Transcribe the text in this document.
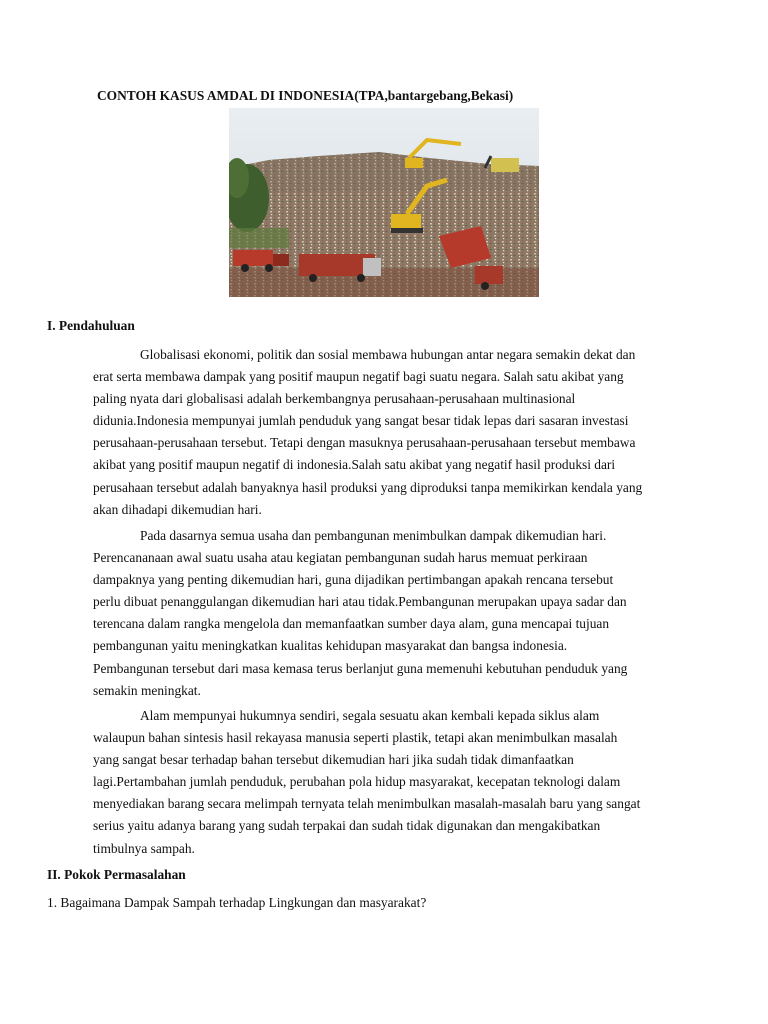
CONTOH KASUS AMDAL DI INDONESIA(TPA,bantargebang,Bekasi)
I. Pendahuluan
Globalisasi ekonomi, politik dan sosial membawa hubungan antar negara semakin dekat dan
erat serta membawa dampak yang positif maupun negatif bagi suatu negara. Salah satu akibat yang
paling nyata dari globalisasi adalah berkembangnya perusahaan-perusahaan multinasional
didunia.Indonesia mempunyai jumlah penduduk yang sangat besar tidak lepas dari sasaran investasi
perusahaan-perusahaan tersebut. Tetapi dengan masuknya perusahaan-perusahaan tersebut membawa
akibat yang positif maupun negatif di indonesia.Salah satu akibat yang negatif hasil produksi dari
perusahaan tersebut adalah banyaknya hasil produksi yang diproduksi tanpa memikirkan kendala yang
akan dihadapi dikemudian hari.
Pada dasarnya semua usaha dan pembangunan menimbulkan dampak dikemudian hari.
Perencananaan awal suatu usaha atau kegiatan pembangunan sudah harus memuat perkiraan
dampaknya yang penting dikemudian hari, guna dijadikan pertimbangan apakah rencana tersebut
perlu dibuat penanggulangan dikemudian hari atau tidak.Pembangunan merupakan upaya sadar dan
terencana dalam rangka mengelola dan memanfaatkan sumber daya alam, guna mencapai tujuan
pembangunan yaitu meningkatkan kualitas kehidupan masyarakat dan bangsa indonesia.
Pembangunan tersebut dari masa kemasa terus berlanjut guna memenuhi kebutuhan penduduk yang
semakin meningkat.
Alam mempunyai hukumnya sendiri, segala sesuatu akan kembali kepada siklus alam
walaupun bahan sintesis hasil rekayasa manusia seperti plastik, tetapi akan menimbulkan masalah
yang sangat besar terhadap bahan tersebut dikemudian hari jika sudah tidak dimanfaatkan
lagi.Pertambahan jumlah penduduk, perubahan pola hidup masyarakat, kecepatan teknologi dalam
menyediakan barang secara melimpah ternyata telah menimbulkan masalah-masalah baru yang sangat
serius yaitu adanya barang yang sudah terpakai dan sudah tidak digunakan dan mengakibatkan
timbulnya sampah.
II. Pokok Permasalahan
1. Bagaimana Dampak Sampah terhadap Lingkungan dan masyarakat?
